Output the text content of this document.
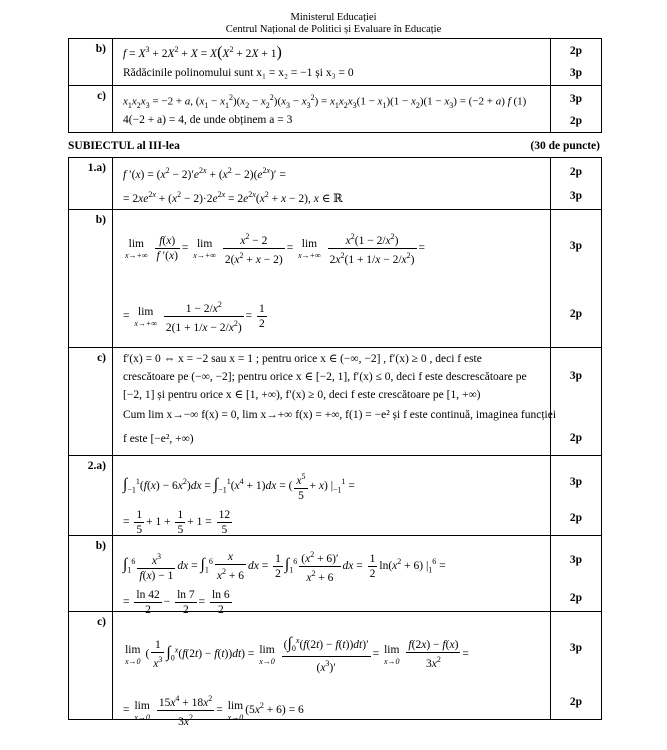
Ministerul Educației
Centrul Național de Politici și Evaluare în Educație
b) $f = X^3 + 2X^2 + X = X(X^2 + 2X + 1)$
Rădăcinile polinomului sunt x₁ = x₂ = −1 și x₃ = 0
2p
3p
c) $x_1x_2x_3 = -2 + a$, $(x_1 - x_1^2)(x_2 - x_2^2)(x_3 - x_3^2) = x_1x_2x_3(1 - x_1)(1 - x_2)(1 - x_3) = (-2 + a)$ f (1)
4(−2 + a) = 4, de unde obținem a = 3
3p
2p
SUBIECTUL al III-lea	(30 de puncte)
1.a)
f $'(x) = (x^2 - 2)'e^{2x} + (x^2 - 2)(e^{2x})'$ =
= $2xe^{2x} + (x^2 - 2)\cdot 2e^{2x} = 2e^{2x}(x^2 + x - 2)$, x ∈ ℝ
2p
3p
b)
lim
x→+∞
$\frac{f(x)}{f '(x)} = \lim$
x→+∞
$\frac{x^2 - 2}{2(x^2 + x - 2)} = \lim$
x→+∞
$\frac{x^2(1 - 2/x^2)}{2x^2(1 + 1/x - 2/x^2)}$ =
= lim
x→+∞
$\frac{1 - 2/x^2}{2(1 + 1/x - 2/x^2)} = \frac{1}{2}$
3p
2p
c) f′(x) = 0 ⇔ x = −2 sau x = 1 ; pentru orice x ∈ (−∞, −2] , f′(x) ≥ 0 , deci f este
crescătoare pe (−∞, −2]; pentru orice x ∈ [−2, 1], f′(x) ≤ 0, deci f este descrescătoare pe
[−2, 1] și pentru orice x ∈ [1, +∞), f′(x) ≥ 0, deci f este crescătoare pe [1, +∞)
Cum lim x→−∞ f(x) = 0, lim x→+∞ f(x) = +∞, f(1) = −e² și f este continuă, imaginea funcției
f este [−e², +∞)
3p
2p
2.a)
$\int_{-1}^1(f(x) - 6x^2)dx = \int_{-1}^1(x^4 + 1)dx$ = ( $\frac{x^5}{5} + x$) $|_{-1}^1$ =
= $\frac{1}{5} + 1 + \frac{1}{5} + 1 = \frac{12}{5}$
3p
2p
b)
$\int_1^6 \frac{x^3}{f(x) - 1}$ dx = $\int_1^6 \frac{x}{x^2 + 6}$ dx = $\frac{1}{2} \int_1^6 \frac{(x^2 + 6)'}{x^2 + 6}$ dx = $\frac{1}{2} \ln(x^2 + 6) |_1^6$ =
= $\frac{\ln 42}{2} - \frac{\ln 7}{2} = \frac{\ln 6}{2}$
3p
2p
c)
lim
x→0
( $\frac{1}{x^3} \int_0^x(f(2t) - f(t))dt) = \lim$
x→0
$\frac{(\int_0^x(f(2t) - f(t))dt)'}{(x^3)'} = \lim$
x→0
$\frac{f(2x) - f(x)}{3x^2}$ =
= lim
x→0
$\frac{15x^4 + 18x^2}{3x^2} = \lim$
x→0
$(5x^2 + 6) = 6$
3p
2p
